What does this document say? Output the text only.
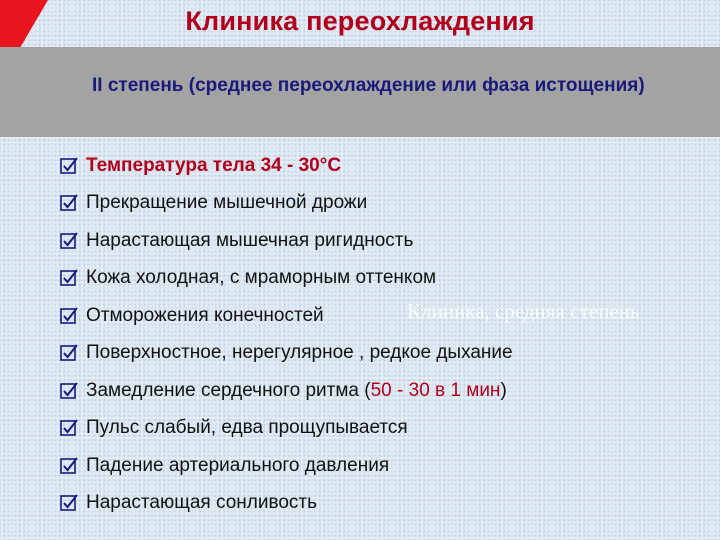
Клиника переохлаждения
II степень (среднее переохлаждение или фаза истощения)
Температура тела 34 - 30°C
Прекращение мышечной дрожи
Нарастающая мышечная ригидность
Кожа холодная, с мраморным оттенком
Отморожения конечностей
Поверхностное, нерегулярное , редкое дыхание
Замедление сердечного ритма (50 - 30 в 1 мин)
Пульс слабый, едва прощупывается
Падение артериального давления
Нарастающая сонливость
Клиника, средняя степень
